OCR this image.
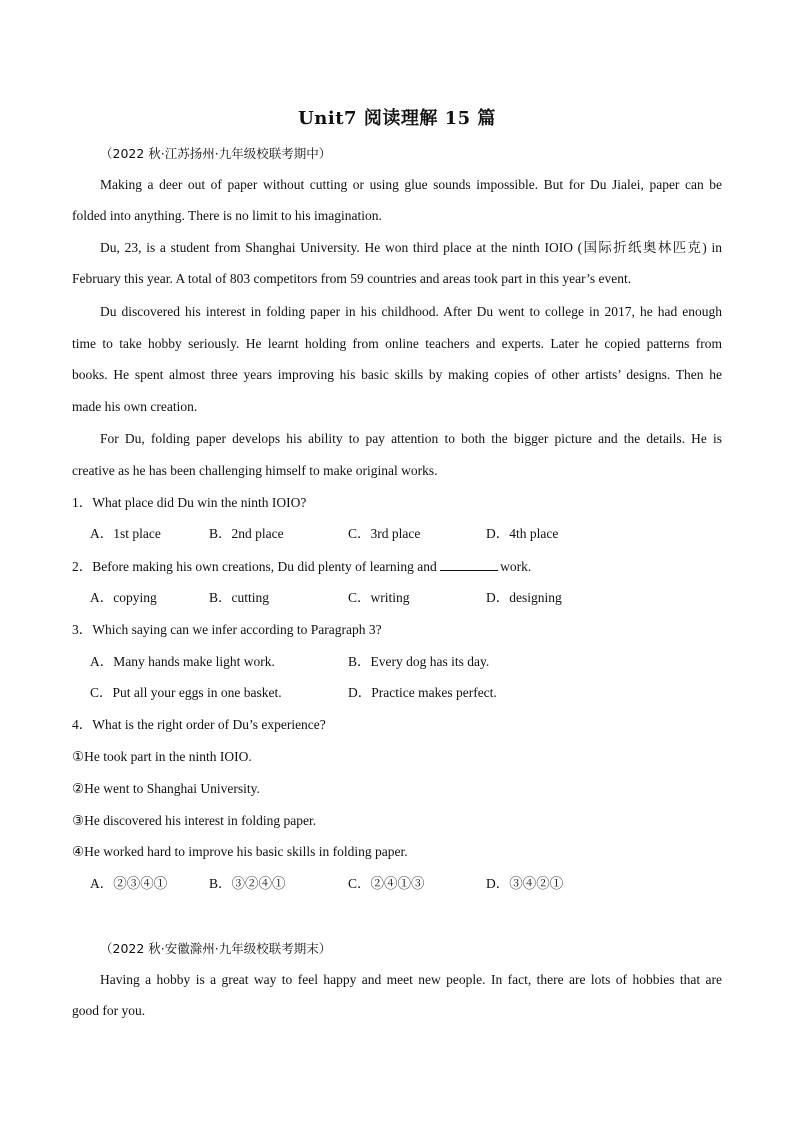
Unit7 阅读理解 15 篇
（2022 秋·江苏扬州·九年级校联考期中）
Making a deer out of paper without cutting or using glue sounds impossible. But for Du Jialei, paper can be
folded into anything. There is no limit to his imagination.
Du, 23, is a student from Shanghai University. He won third place at the ninth IOIO (国际折纸奥林匹克) in
February this year. A total of 803 competitors from 59 countries and areas took part in this year’s event.
Du discovered his interest in folding paper in his childhood. After Du went to college in 2017, he had enough
time to take hobby seriously. He learnt holding from online teachers and experts. Later he copied patterns from
books. He spent almost three years improving his basic skills by making copies of other artists’ designs. Then he
made his own creation.
For Du, folding paper develops his ability to pay attention to both the bigger picture and the details. He is
creative as he has been challenging himself to make original works.
1．What place did Du win the ninth IOIO?
A．1st place	B．2nd place	C．3rd place	D．4th place
2．Before making his own creations, Du did plenty of learning and	work.
A．copying	B．cutting	C．writing	D．designing
3．Which saying can we infer according to Paragraph 3?
A．Many hands make light work.	B．Every dog has its day.
C．Put all your eggs in one basket.	D．Practice makes perfect.
4．What is the right order of Du’s experience?
①He took part in the ninth IOIO.
②He went to Shanghai University.
③He discovered his interest in folding paper.
④He worked hard to improve his basic skills in folding paper.
A．②③④①	B．③②④①	C．②④①③	D．③④②①
（2022 秋·安徽滁州·九年级校联考期末）
Having a hobby is a great way to feel happy and meet new people. In fact, there are lots of hobbies that are
good for you.
